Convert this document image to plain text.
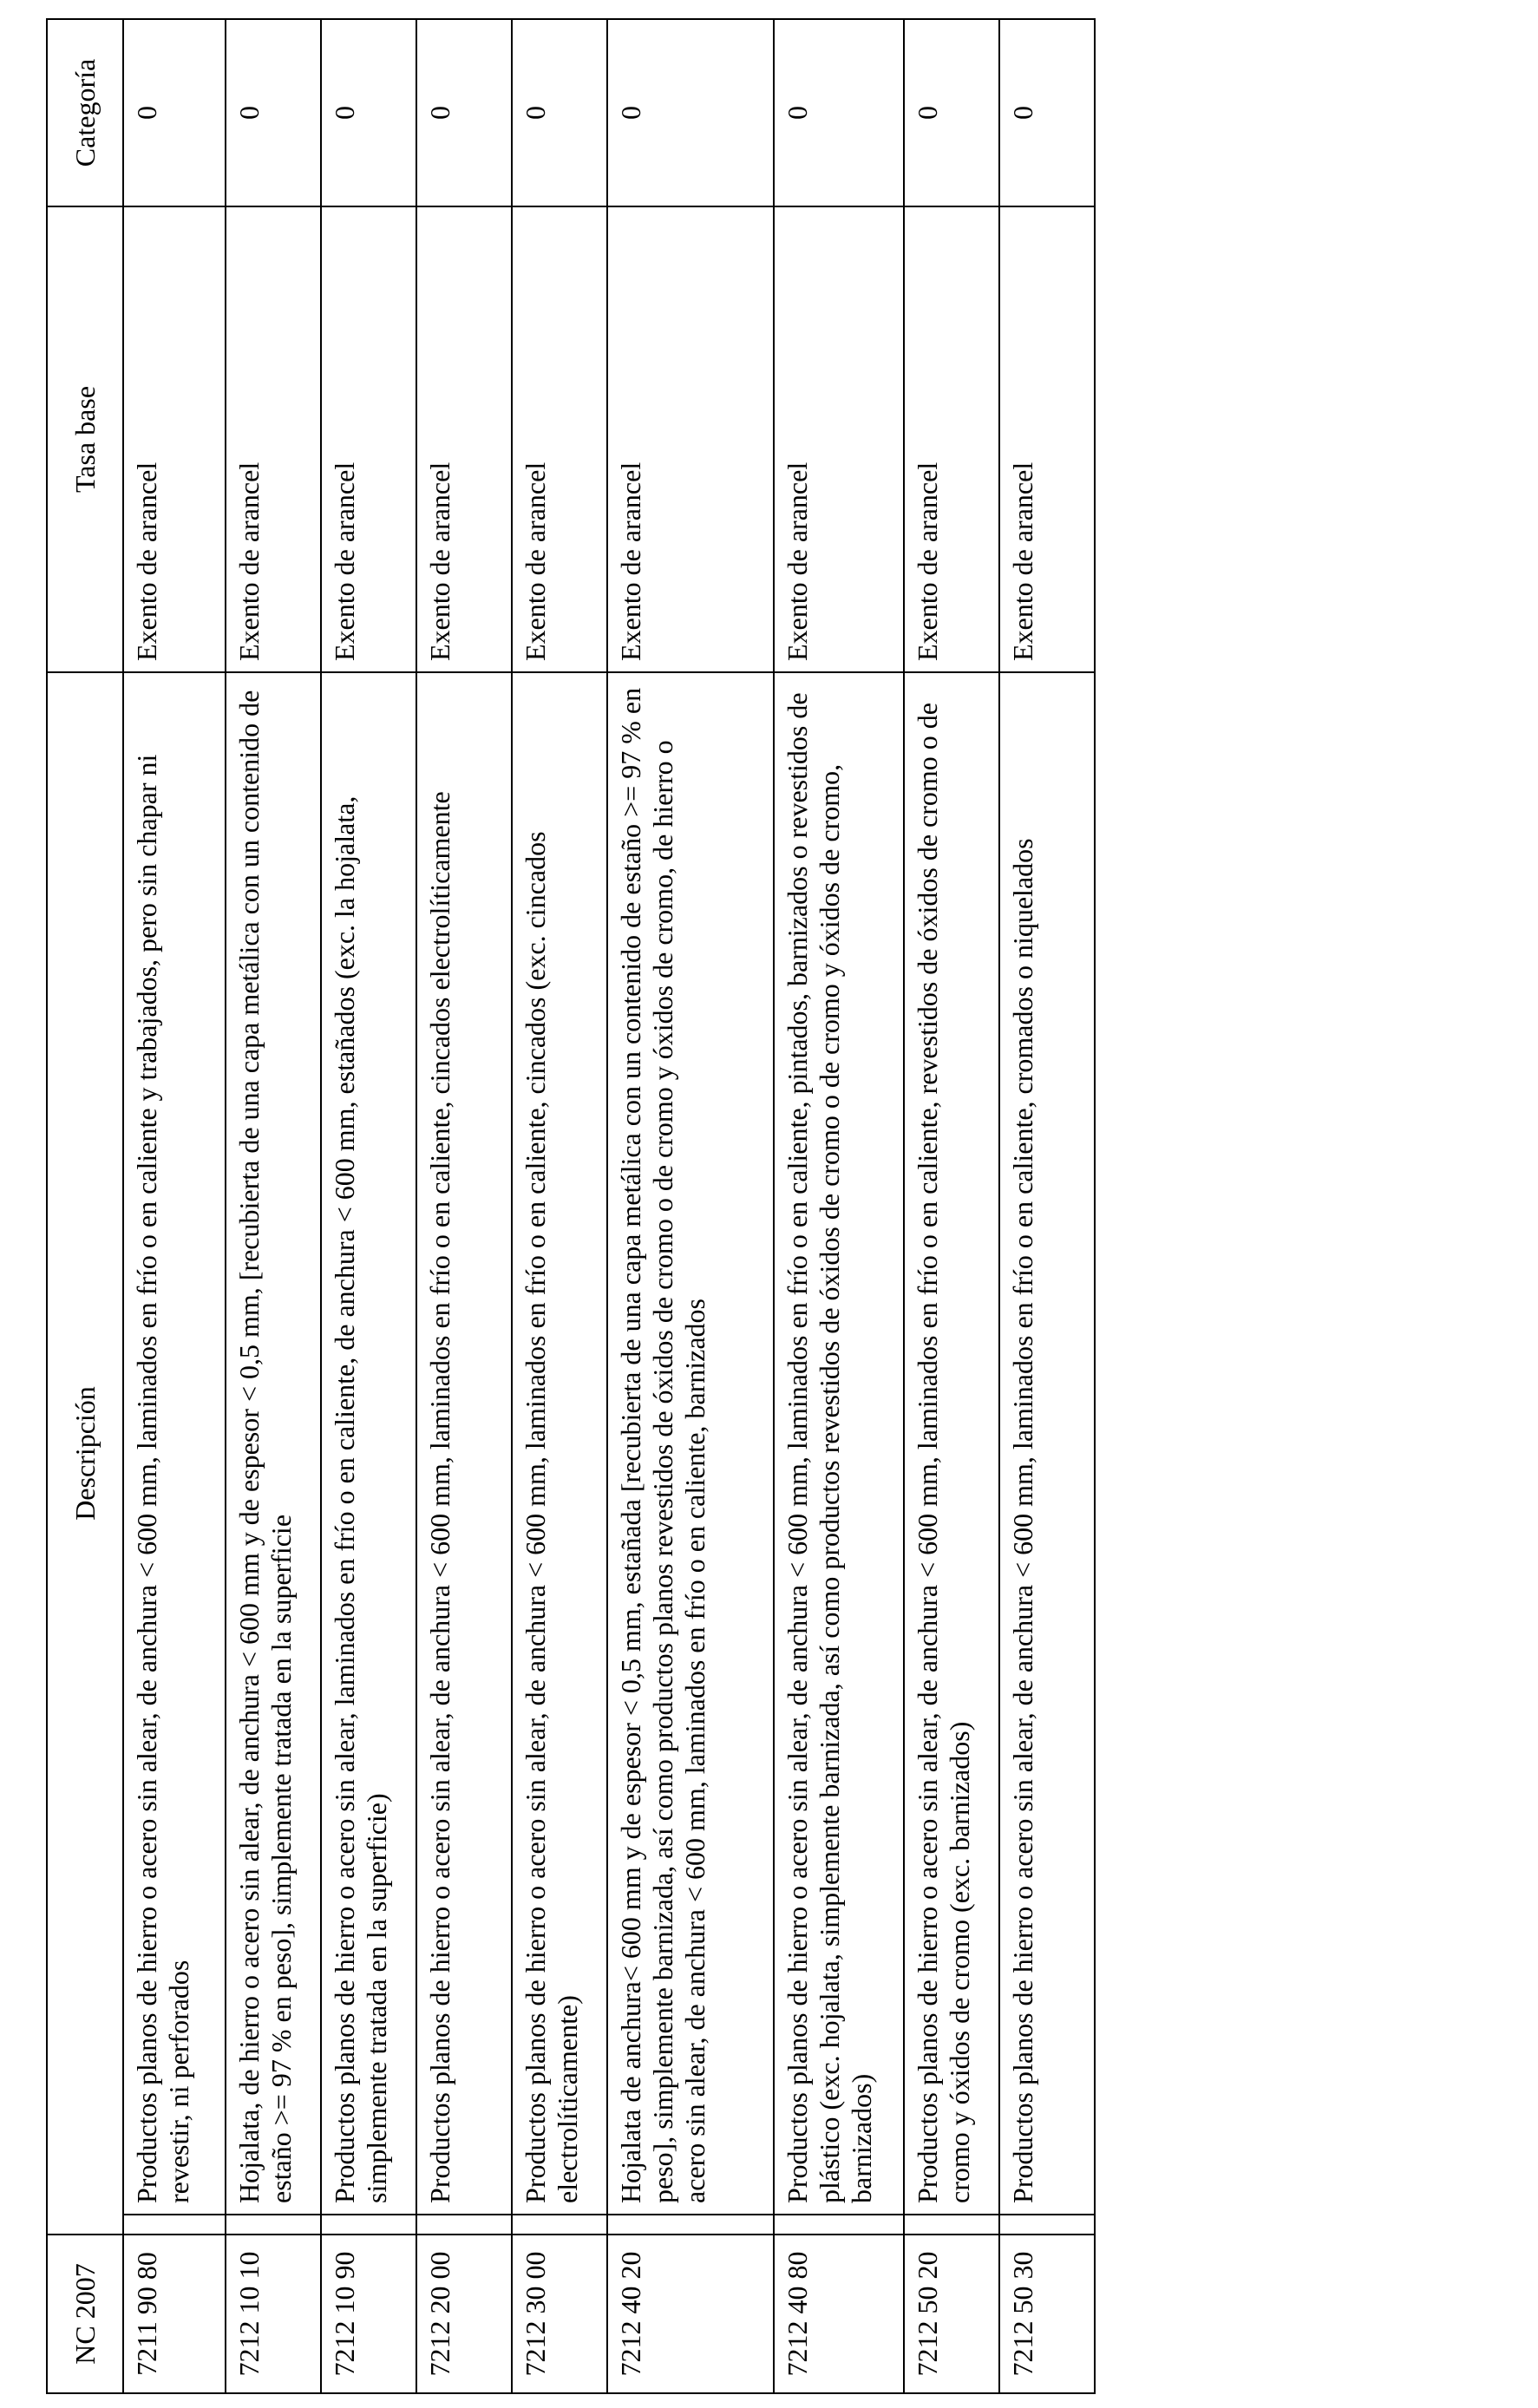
NC 2007	Descripción		Tasa base	Categoría
7211 90 80		Productos planos de hierro o acero sin alear, de anchura < 600 mm, laminados en frío o en caliente y trabajados, pero sin chapar ni revestir, ni perforados	Exento de arancel	0
7212 10 10		Hojalata, de hierro o acero sin alear, de anchura < 600 mm y de espesor < 0,5 mm, [recubierta de una capa metálica con un contenido de estaño >= 97 % en peso], simplemente tratada en la superficie	Exento de arancel	0
7212 10 90		Productos planos de hierro o acero sin alear, laminados en frío o en caliente, de anchura < 600 mm, estañados (exc. la hojalata, simplemente tratada en la superficie)	Exento de arancel	0
7212 20 00		Productos planos de hierro o acero sin alear, de anchura < 600 mm, laminados en frío o en caliente, cincados electrolíticamente	Exento de arancel	0
7212 30 00		Productos planos de hierro o acero sin alear, de anchura < 600 mm, laminados en frío o en caliente, cincados (exc. cincados electrolíticamente)	Exento de arancel	0
7212 40 20		Hojalata de anchura< 600 mm y de espesor < 0,5 mm, estañada [recubierta de una capa metálica con un contenido de estaño >= 97 % en peso], simplemente barnizada, así como productos planos revestidos de óxidos de cromo o de cromo y óxidos de cromo, de hierro o acero sin alear, de anchura < 600 mm, laminados en frío o en caliente, barnizados	Exento de arancel	0
7212 40 80		Productos planos de hierro o acero sin alear, de anchura < 600 mm, laminados en frío o en caliente, pintados, barnizados o revestidos de plástico (exc. hojalata, simplemente barnizada, así como productos revestidos de óxidos de cromo o de cromo y óxidos de cromo, barnizados)	Exento de arancel	0
7212 50 20		Productos planos de hierro o acero sin alear, de anchura < 600 mm, laminados en frío o en caliente, revestidos de óxidos de cromo o de cromo y óxidos de cromo (exc. barnizados)	Exento de arancel	0
7212 50 30		Productos planos de hierro o acero sin alear, de anchura < 600 mm, laminados en frío o en caliente, cromados o niquelados	Exento de arancel	0
